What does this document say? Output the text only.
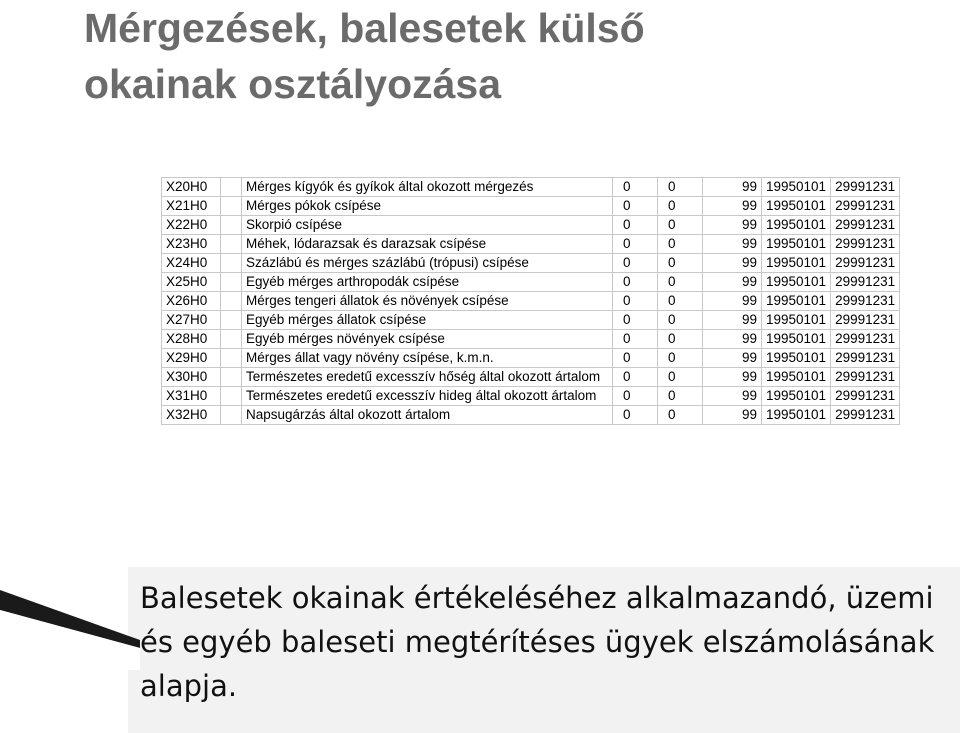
Mérgezések, balesetek külső
okainak osztályozása
X20H0		Mérges kígyók és gyíkok által okozott mérgezés	0	0	99	19950101	29991231
X21H0		Mérges pókok csípése	0	0	99	19950101	29991231
X22H0		Skorpió csípése	0	0	99	19950101	29991231
X23H0		Méhek, lódarazsak és darazsak csípése	0	0	99	19950101	29991231
X24H0		Százlábú és mérges százlábú (trópusi) csípése	0	0	99	19950101	29991231
X25H0		Egyéb mérges arthropodák csípése	0	0	99	19950101	29991231
X26H0		Mérges tengeri állatok és növények csípése	0	0	99	19950101	29991231
X27H0		Egyéb mérges állatok csípése	0	0	99	19950101	29991231
X28H0		Egyéb mérges növények csípése	0	0	99	19950101	29991231
X29H0		Mérges állat vagy növény csípése, k.m.n.	0	0	99	19950101	29991231
X30H0		Természetes eredetű excesszív hőség által okozott ártalom	0	0	99	19950101	29991231
X31H0		Természetes eredetű excesszív hideg által okozott ártalom	0	0	99	19950101	29991231
X32H0		Napsugárzás által okozott ártalom	0	0	99	19950101	29991231

Balesetek okainak értékeléséhez alkalmazandó, üzemi és egyéb baleseti megtérítéses ügyek elszámolásának alapja.
